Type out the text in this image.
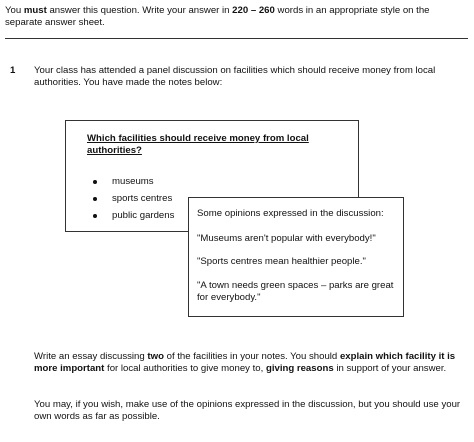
You must answer this question. Write your answer in 220 – 260 words in an appropriate style on the separate answer sheet.
1 Your class has attended a panel discussion on facilities which should receive money from local authorities. You have made the notes below:
Which facilities should receive money from local authorities?
museums
sports centres
public gardens Some opinions expressed in the discussion:
"Museums aren't popular with everybody!"
"Sports centres mean healthier people."
"A town needs green spaces – parks are great for everybody."
Write an essay discussing two of the facilities in your notes. You should explain which facility it is more important for local authorities to give money to, giving reasons in support of your answer.
You may, if you wish, make use of the opinions expressed in the discussion, but you should use your own words as far as possible.
